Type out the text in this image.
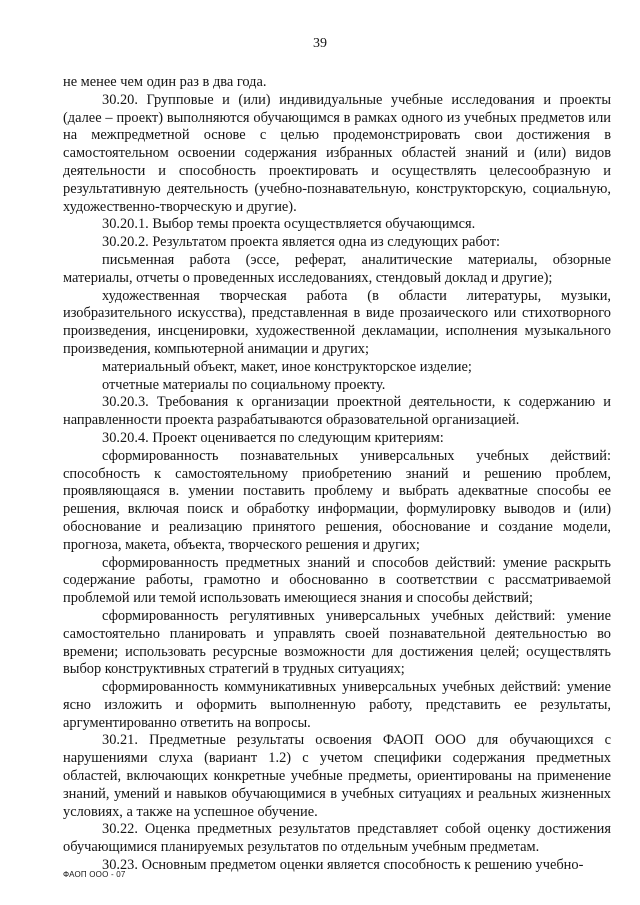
39

не менее чем один раз в два года.

30.20. Групповые и (или) индивидуальные учебные исследования и проекты (далее – проект) выполняются обучающимся в рамках одного из учебных предметов или на межпредметной основе с целью продемонстрировать свои достижения в самостоятельном освоении содержания избранных областей знаний и (или) видов деятельности и способность проектировать и осуществлять целесообразную и результативную деятельность (учебно-познавательную, конструкторскую, социальную, художественно-творческую и другие).

30.20.1. Выбор темы проекта осуществляется обучающимся.

30.20.2. Результатом проекта является одна из следующих работ:

письменная работа (эссе, реферат, аналитические материалы, обзорные материалы, отчеты о проведенных исследованиях, стендовый доклад и другие);

художественная творческая работа (в области литературы, музыки, изобразительного искусства), представленная в виде прозаического или стихотворного произведения, инсценировки, художественной декламации, исполнения музыкального произведения, компьютерной анимации и других;

материальный объект, макет, иное конструкторское изделие;

отчетные материалы по социальному проекту.

30.20.3. Требования к организации проектной деятельности, к содержанию и направленности проекта разрабатываются образовательной организацией.

30.20.4. Проект оценивается по следующим критериям:

сформированность познавательных универсальных учебных действий: способность к самостоятельному приобретению знаний и решению проблем, проявляющаяся в. умении поставить проблему и выбрать адекватные способы ее решения, включая поиск и обработку информации, формулировку выводов и (или) обоснование и реализацию принятого решения, обоснование и создание модели, прогноза, макета, объекта, творческого решения и других;

сформированность предметных знаний и способов действий: умение раскрыть содержание работы, грамотно и обоснованно в соответствии с рассматриваемой проблемой или темой использовать имеющиеся знания и способы действий;

сформированность регулятивных универсальных учебных действий: умение самостоятельно планировать и управлять своей познавательной деятельностью во времени; использовать ресурсные возможности для достижения целей; осуществлять выбор конструктивных стратегий в трудных ситуациях;

сформированность коммуникативных универсальных учебных действий: умение ясно изложить и оформить выполненную работу, представить ее результаты, аргументированно ответить на вопросы.

30.21. Предметные результаты освоения ФАОП ООО для обучающихся с нарушениями слуха (вариант 1.2) с учетом специфики содержания предметных областей, включающих конкретные учебные предметы, ориентированы на применение знаний, умений и навыков обучающимися в учебных ситуациях и реальных жизненных условиях, а также на успешное обучение.

30.22. Оценка предметных результатов представляет собой оценку достижения обучающимися планируемых результатов по отдельным учебным предметам.

30.23. Основным предметом оценки является способность к решению учебно-

ФАОП ООО - 07
